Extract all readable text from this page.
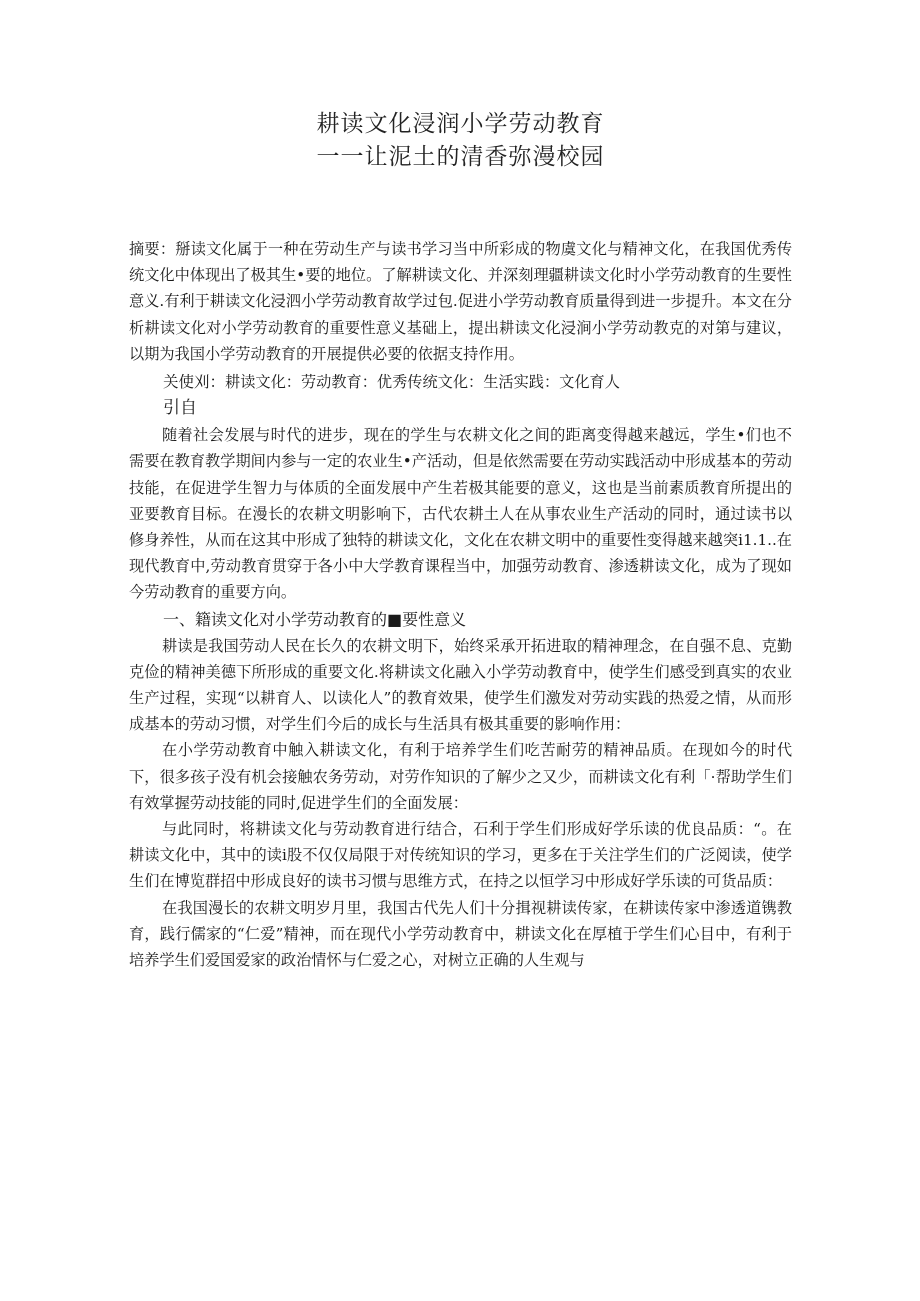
耕读文化浸润小学劳动教育
一一让泥土的清香弥漫校园

摘要：掰读文化属于一种在劳动生产与读书学习当中所彩成的物虞文化与精神文化，在我国优秀传统文化中体现出了极其生•要的地位。了解耕读文化、并深刻理疆耕读文化时小学劳动教育的生要性意义.有利于耕读文化浸泗小学劳动教育故学过包.促进小学劳动教育质量得到进一步提升。本文在分析耕读文化对小学劳动教育的重要性意义基础上，提出耕读文化浸涧小学劳动教克的对第与建议，以期为我国小学劳动教育的开展提供必要的依据支持作用。

关使刈：耕读文化：劳动教育：优秀传统文化：生活实践：文化育人
引自

随着社会发展与时代的进步，现在的学生与农耕文化之间的距离变得越来越远，学生•们也不需要在教育教学期间内参与一定的农业生•产活动，但是依然需要在劳动实践活动中形成基本的劳动技能，在促进学生智力与体质的全面发展中产生若极其能要的意义，这也是当前素质教育所提出的亚要教育目标。在漫长的农耕文明影响下，古代农耕土人在从事农业生产活动的同时，通过读书以修身养性，从而在这其中形成了独特的耕读文化，文化在农耕文明中的重要性变得越来越突i1.1..在现代教育中,劳动教育贯穿于各小中大学教育课程当中，加强劳动教育、渗透耕读文化，成为了现如今劳动教育的重要方向。

一、籍读文化对小学劳动教育的■要性意义

耕读是我国劳动人民在长久的农耕文明下，始终采承开拓进取的精神理念，在自强不息、克勤克俭的精神美德下所形成的重要文化.将耕读文化融入小学劳动教育中，使学生们感受到真实的农业生产过程，实现“以耕育人、以读化人”的教育效果，使学生们激发对劳动实践的热爱之情，从而形成基本的劳动习惯，对学生们今后的成长与生活具有极其重要的影响作用：

在小学劳动教育中触入耕读文化，有利于培养学生们吃苦耐劳的精神品质。在现如今的时代下，很多孩子没有机会接触农务劳动，对劳作知识的了解少之又少，而耕读文化有利「·帮助学生们有效掌握劳动技能的同时,促进学生们的全面发展：

与此同时，将耕读文化与劳动教育进行结合，石利于学生们形成好学乐读的优良品质：“。在耕读文化中，其中的读i股不仅仅局限于对传统知识的学习，更多在于关注学生们的广泛阅读，使学生们在博览群招中形成良好的读书习惯与思维方式，在持之以恒学习中形成好学乐读的可货品质：

在我国漫长的农耕文明岁月里，我国古代先人们十分揖视耕读传家，在耕读传家中渗透道镌教育，践行儒家的“仁爱”精神，而在现代小学劳动教育中，耕读文化在厚植于学生们心目中，有利于培养学生们爱国爱家的政治情怀与仁爱之心，对树立正确的人生观与
